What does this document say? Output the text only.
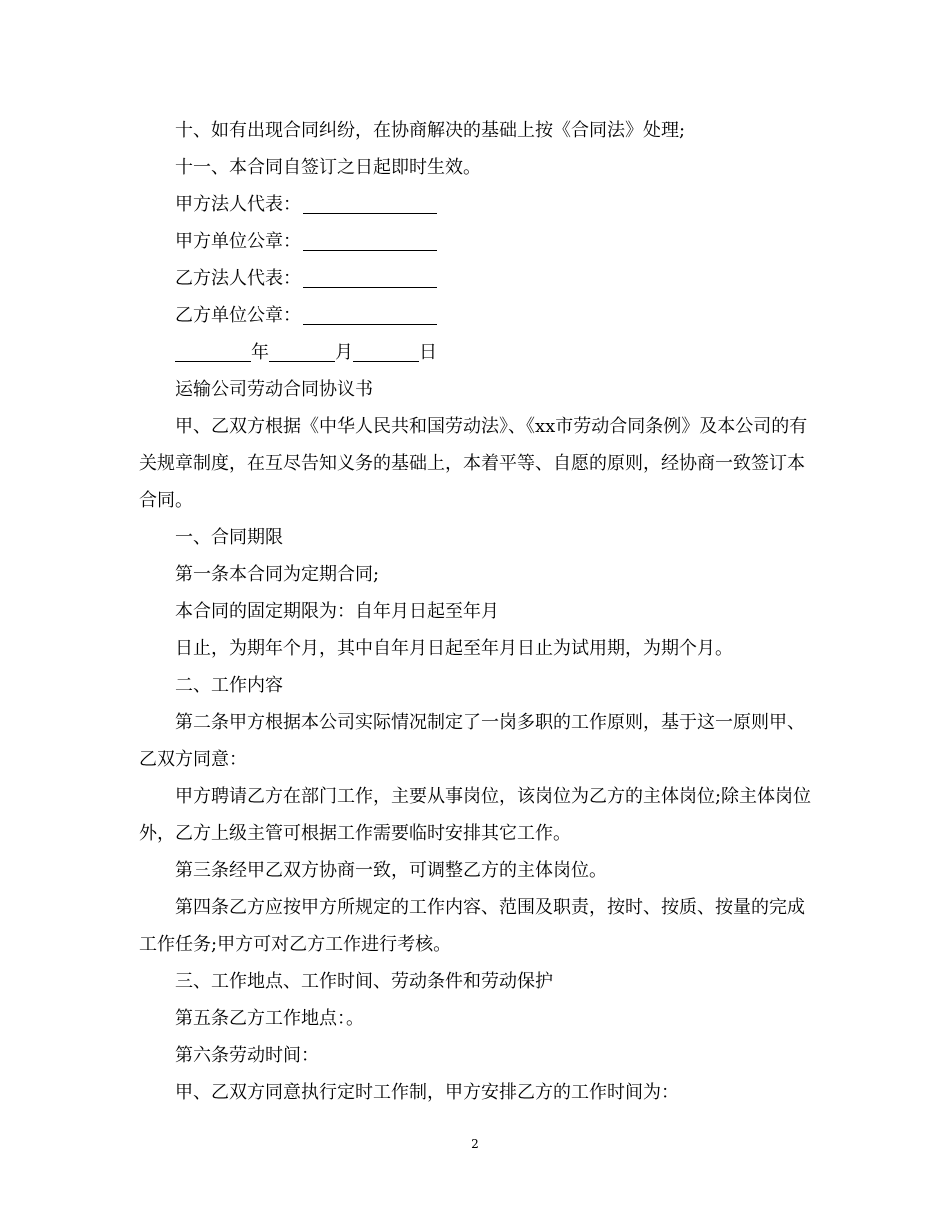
十、如有出现合同纠纷，在协商解决的基础上按《合同法》处理;

十一、本合同自签订之日起即时生效。

甲方法人代表：

甲方单位公章：

乙方法人代表：

乙方单位公章：

年	月	日

运输公司劳动合同协议书

甲、乙双方根据《中华人民共和国劳动法》、《xx市劳动合同条例》及本公司的有关规章制度，在互尽告知义务的基础上，本着平等、自愿的原则，经协商一致签订本合同。

一、合同期限

第一条本合同为定期合同;

本合同的固定期限为：自年月日起至年月

日止，为期年个月，其中自年月日起至年月日止为试用期，为期个月。

二、工作内容

第二条甲方根据本公司实际情况制定了一岗多职的工作原则，基于这一原则甲、乙双方同意：

甲方聘请乙方在部门工作，主要从事岗位，该岗位为乙方的主体岗位;除主体岗位外，乙方上级主管可根据工作需要临时安排其它工作。

第三条经甲乙双方协商一致，可调整乙方的主体岗位。

第四条乙方应按甲方所规定的工作内容、范围及职责，按时、按质、按量的完成工作任务;甲方可对乙方工作进行考核。

三、工作地点、工作时间、劳动条件和劳动保护

第五条乙方工作地点：。

第六条劳动时间：

甲、乙双方同意执行定时工作制，甲方安排乙方的工作时间为：

2
